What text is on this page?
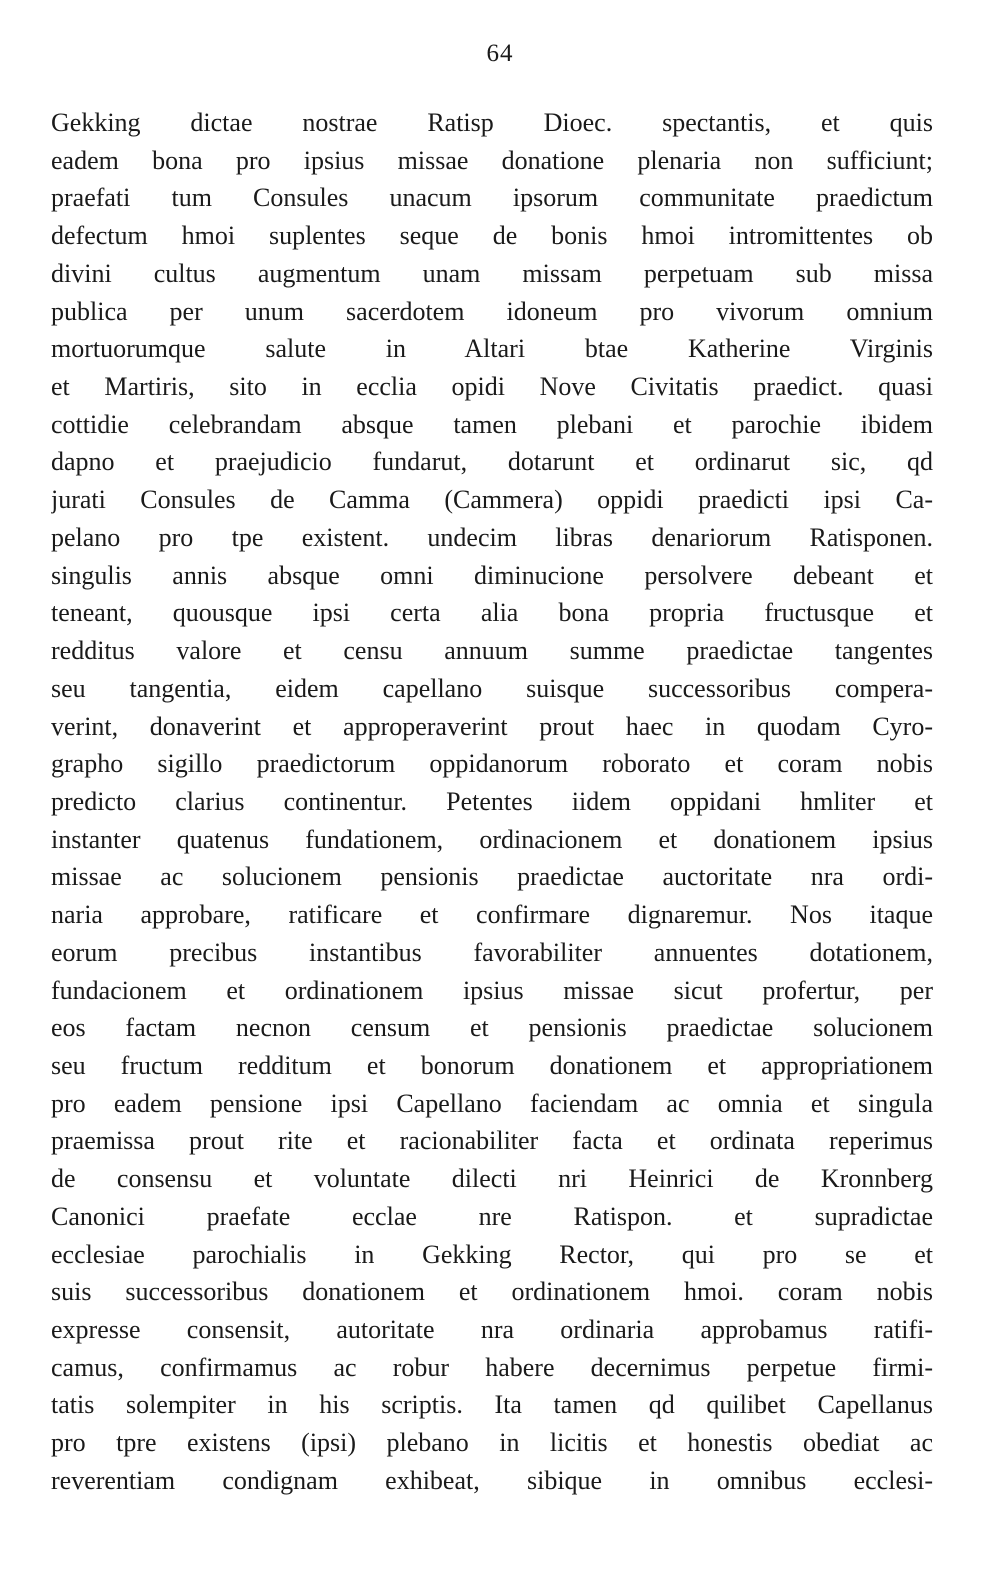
64
Gekking dictae nostrae Ratisp Dioec. spectantis, et quis
eadem bona pro ipsius missae donatione plenaria non sufficiunt;
praefati tum Consules unacum ipsorum communitate praedictum
defectum hmoi suplentes seque de bonis hmoi intromittentes ob
divini cultus augmentum unam missam perpetuam sub missa
publica per unum sacerdotem idoneum pro vivorum omnium
mortuorumque salute in Altari btae Katherine Virginis
et Martiris, sito in ecclia opidi Nove Civitatis praedict. quasi
cottidie celebrandam absque tamen plebani et parochie ibidem
dapno et praejudicio fundarut, dotarunt et ordinarut sic, qd
jurati Consules de Camma (Cammera) oppidi praedicti ipsi Ca-
pelano pro tpe existent. undecim libras denariorum Ratisponen.
singulis annis absque omni diminucione persolvere debeant et
teneant, quousque ipsi certa alia bona propria fructusque et
redditus valore et censu annuum summe praedictae tangentes
seu tangentia, eidem capellano suisque successoribus compera-
verint, donaverint et approperaverint prout haec in quodam Cyro-
grapho sigillo praedictorum oppidanorum roborato et coram nobis
predicto clarius continentur. Petentes iidem oppidani hmliter et
instanter quatenus fundationem, ordinacionem et donationem ipsius
missae ac solucionem pensionis praedictae auctoritate nra ordi-
naria approbare, ratificare et confirmare dignaremur. Nos itaque
eorum precibus instantibus favorabiliter annuentes dotationem,
fundacionem et ordinationem ipsius missae sicut profertur, per
eos factam necnon censum et pensionis praedictae solucionem
seu fructum redditum et bonorum donationem et appropriationem
pro eadem pensione ipsi Capellano faciendam ac omnia et singula
praemissa prout rite et racionabiliter facta et ordinata reperimus
de consensu et voluntate dilecti nri Heinrici de Kronnberg
Canonici praefate ecclae nre Ratispon. et supradictae
ecclesiae parochialis in Gekking Rector, qui pro se et
suis successoribus donationem et ordinationem hmoi. coram nobis
expresse consensit, autoritate nra ordinaria approbamus ratifi-
camus, confirmamus ac robur habere decernimus perpetue firmi-
tatis solempiter in his scriptis. Ita tamen qd quilibet Capellanus
pro tpre existens (ipsi) plebano in licitis et honestis obediat ac
reverentiam condignam exhibeat, sibique in omnibus ecclesi-
